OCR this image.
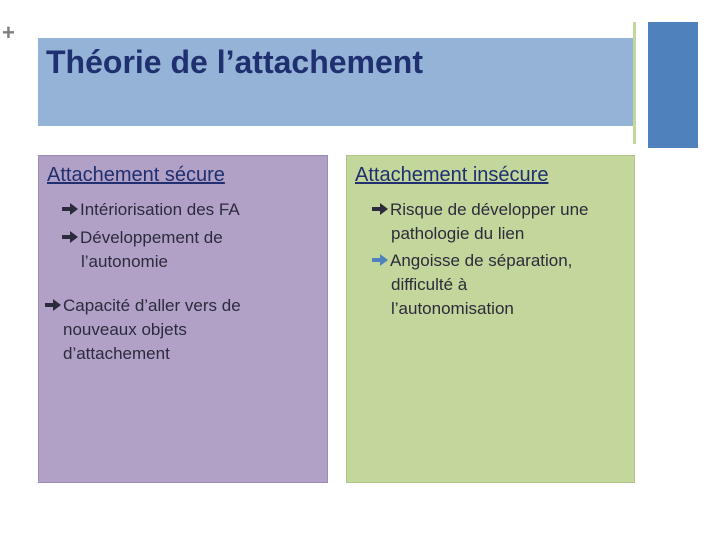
+
Théorie de l’attachement
Attachement sécure
Intériorisation des FA
Développement de
l’autonomie
Capacité d’aller vers de
nouveaux objets
d’attachement
Attachement insécure
Risque de développer une
pathologie du lien
Angoisse de séparation,
difficulté à
l’autonomisation
